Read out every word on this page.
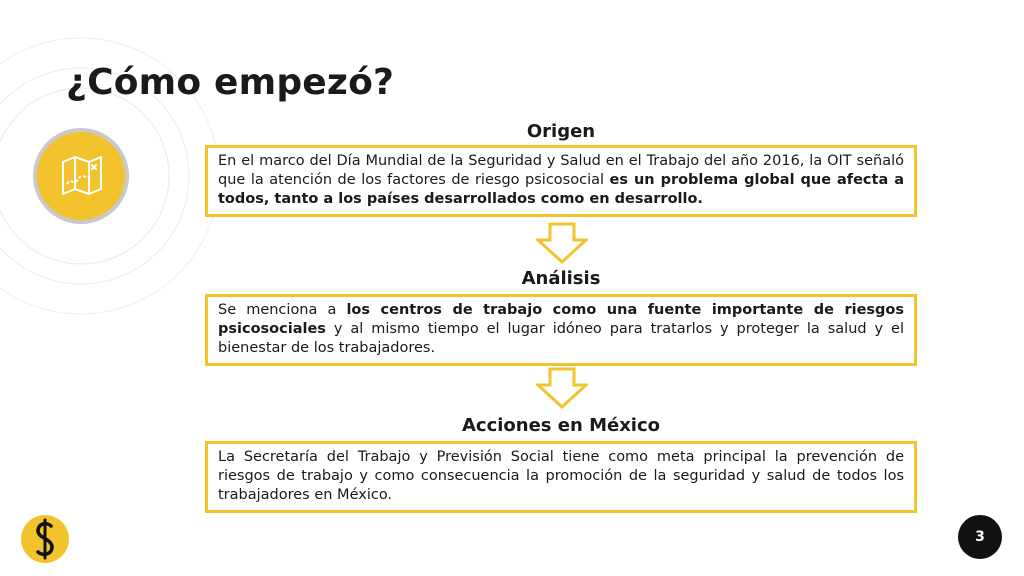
¿Cómo empezó?
Origen

En el marco del Día Mundial de la Seguridad y Salud en el Trabajo del año 2016, la OIT señaló que la atención de los factores de riesgo psicosocial es un problema global que afecta a todos, tanto a los países desarrollados como en desarrollo.

Análisis

Se menciona a los centros de trabajo como una fuente importante de riesgos psicosociales y al mismo tiempo el lugar idóneo para tratarlos y proteger la salud y el bienestar de los trabajadores.

Acciones en México

La Secretaría del Trabajo y Previsión Social tiene como meta principal la prevención de riesgos de trabajo y como consecuencia la promoción de la seguridad y salud de todos los trabajadores en México.

3
